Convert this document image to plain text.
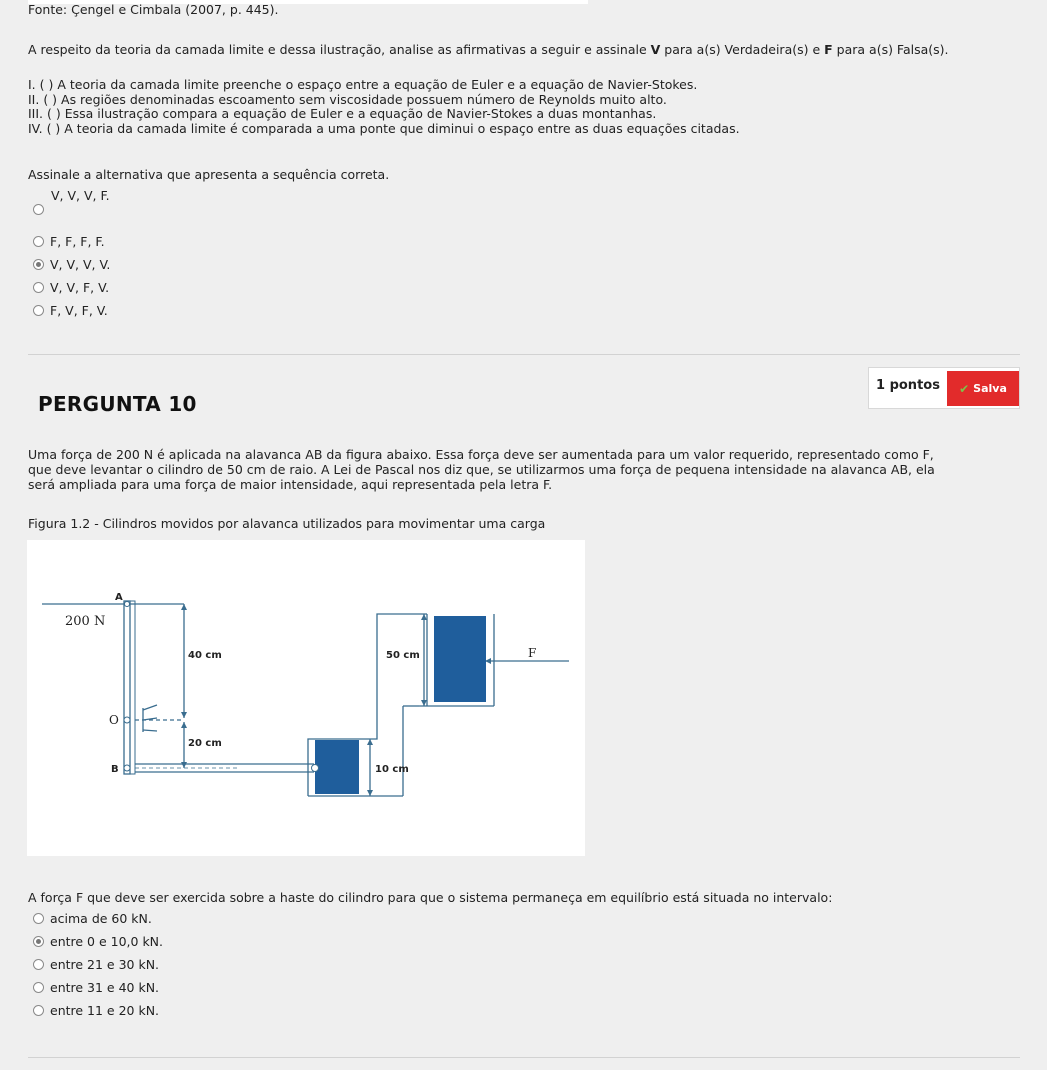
Fonte: Çengel e Cimbala (2007, p. 445).
A respeito da teoria da camada limite e dessa ilustração, analise as afirmativas a seguir e assinale V para a(s) Verdadeira(s) e F para a(s) Falsa(s).
I. ( ) A teoria da camada limite preenche o espaço entre a equação de Euler e a equação de Navier-Stokes.
II. ( ) As regiões denominadas escoamento sem viscosidade possuem número de Reynolds muito alto.
III. ( ) Essa ilustração compara a equação de Euler e a equação de Navier-Stokes a duas montanhas.
IV. ( ) A teoria da camada limite é comparada a uma ponte que diminui o espaço entre as duas equações citadas.
Assinale a alternativa que apresenta a sequência correta.
V, V, V, F.
F, F, F, F.
V, V, V, V.
V, V, F, V.
F, V, F, V.
1 pontos ✔ Salva
PERGUNTA 10
Uma força de 200 N é aplicada na alavanca AB da figura abaixo. Essa força deve ser aumentada para um valor requerido, representado como F,
que deve levantar o cilindro de 50 cm de raio. A Lei de Pascal nos diz que, se utilizarmos uma força de pequena intensidade na alavanca AB, ela
será ampliada para uma força de maior intensidade, aqui representada pela letra F.
Figura 1.2 - Cilindros movidos por alavanca utilizados para movimentar uma carga
A
200 N
O
B
40 cm
20 cm
10 cm
50 cm	F
A força F que deve ser exercida sobre a haste do cilindro para que o sistema permaneça em equilíbrio está situada no intervalo:
acima de 60 kN.
entre 0 e 10,0 kN.
entre 21 e 30 kN.
entre 31 e 40 kN.
entre 11 e 20 kN.
